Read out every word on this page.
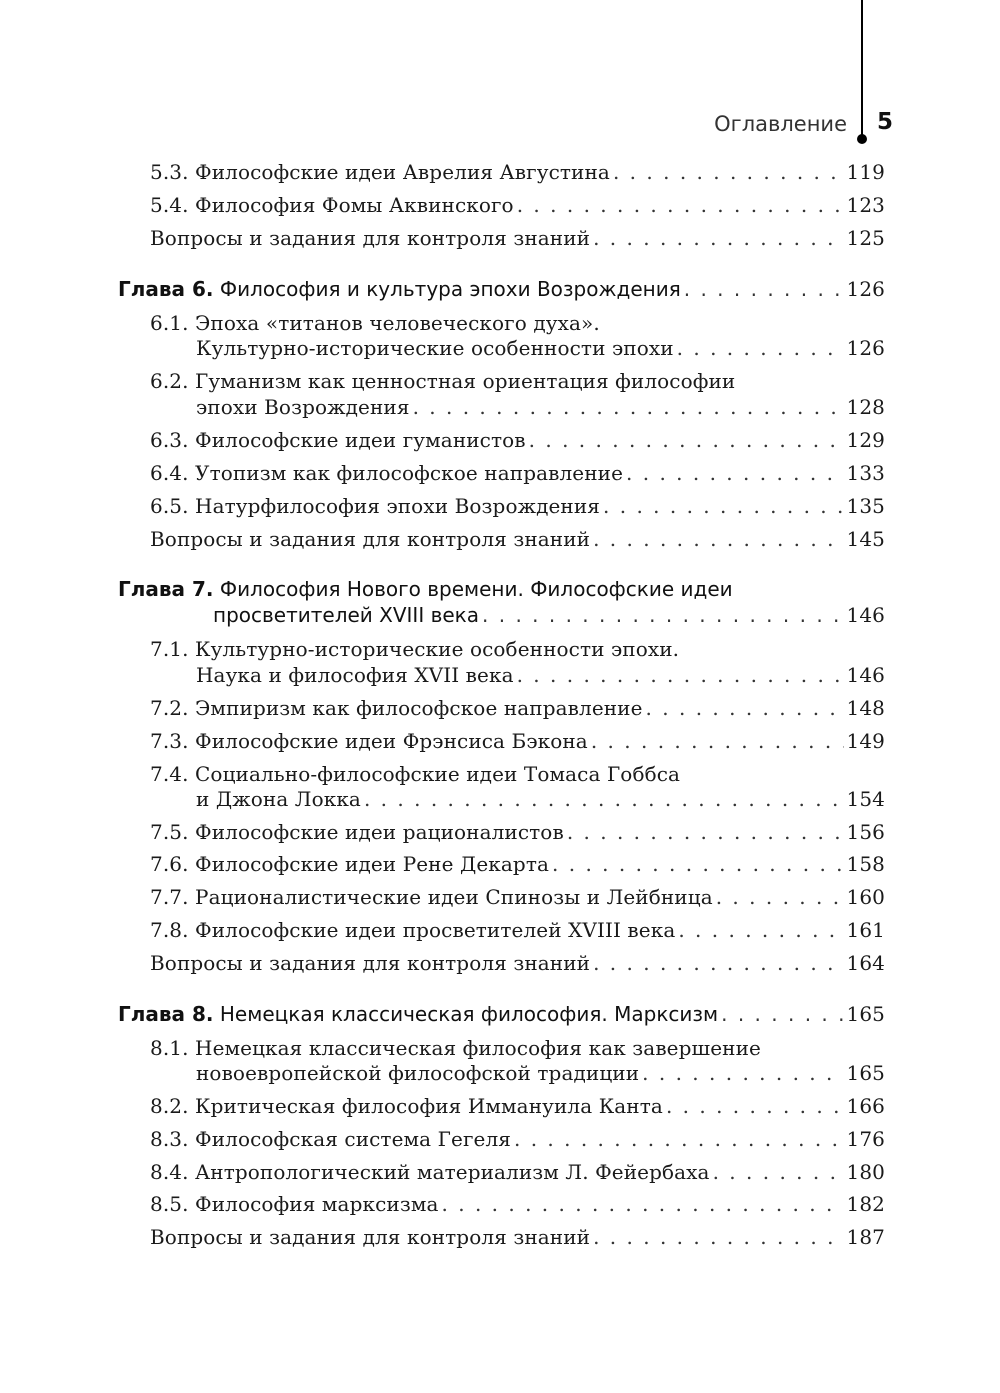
Оглавление 5
5.3. Философские идеи Аврелия Августина . . .	119
5.4. Философия Фомы Аквинского . . .	123
Вопросы и задания для контроля знаний . . .	125
Глава 6. Философия и культура эпохи Возрождения . . .	126
6.1. Эпоха «титанов человеческого духа».
Культурно-исторические особенности эпохи . . .	126
6.2. Гуманизм как ценностная ориентация философии
эпохи Возрождения . . .	128
6.3. Философские идеи гуманистов . . .	129
6.4. Утопизм как философское направление . . .	133
6.5. Натурфилософия эпохи Возрождения . . .	135
Вопросы и задания для контроля знаний . . .	145
Глава 7. Философия Нового времени. Философские идеи
просветителей XVIII века . . .	146
7.1. Культурно-исторические особенности эпохи.
Наука и философия XVII века . . .	146
7.2. Эмпиризм как философское направление . . .	148
7.3. Философские идеи Фрэнсиса Бэкона . . .	149
7.4. Социально-философские идеи Томаса Гоббса
и Джона Локка . . .	154
7.5. Философские идеи рационалистов . . .	156
7.6. Философские идеи Рене Декарта . . .	158
7.7. Рационалистические идеи Спинозы и Лейбница . . .	160
7.8. Философские идеи просветителей XVIII века . . .	161
Вопросы и задания для контроля знаний . . .	164
Глава 8. Немецкая классическая философия. Марксизм . . .	165
8.1. Немецкая классическая философия как завершение
новоевропейской философской традиции . . .	165
8.2. Критическая философия Иммануила Канта . . .	166
8.3. Философская система Гегеля . . .	176
8.4. Антропологический материализм Л. Фейербаха . . .	180
8.5. Философия марксизма . . .	182
Вопросы и задания для контроля знаний . . .	187
